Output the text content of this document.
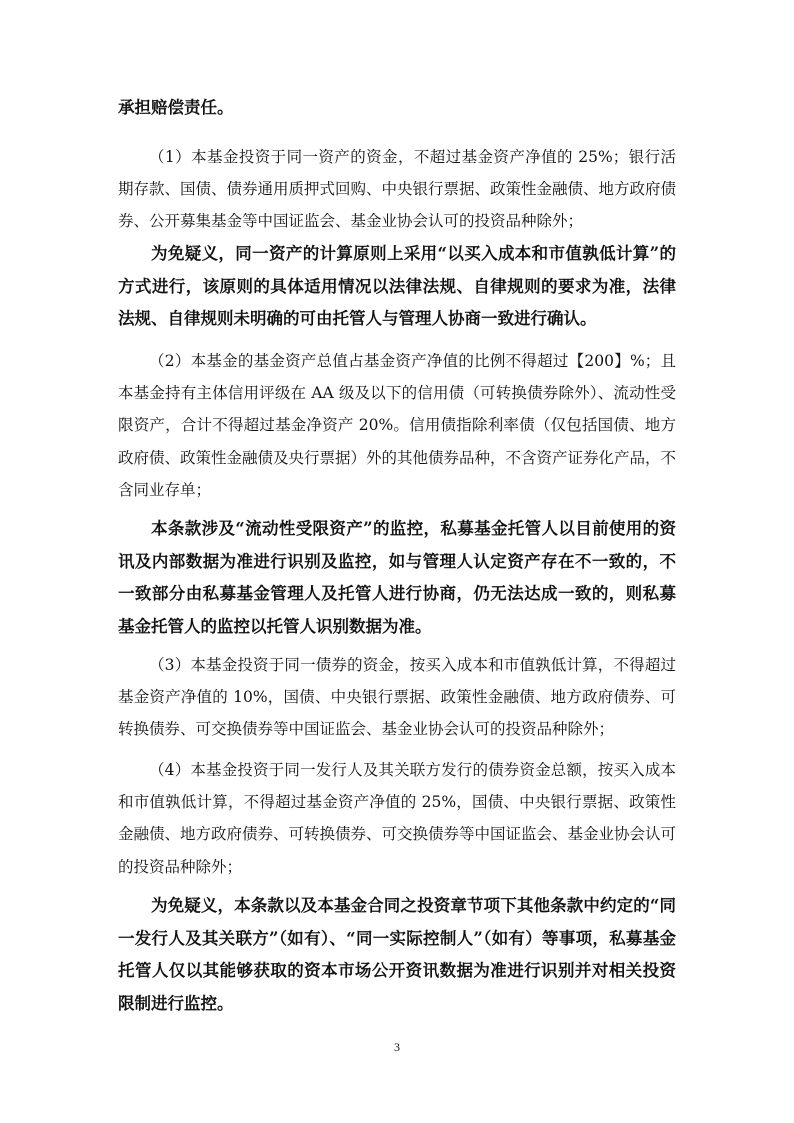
承担赔偿责任。

（1）本基金投资于同一资产的资金，不超过基金资产净值的 25%；银行活期存款、国债、债券通用质押式回购、中央银行票据、政策性金融债、地方政府债券、公开募集基金等中国证监会、基金业协会认可的投资品种除外；

为免疑义，同一资产的计算原则上采用“以买入成本和市值孰低计算”的方式进行，该原则的具体适用情况以法律法规、自律规则的要求为准，法律法规、自律规则未明确的可由托管人与管理人协商一致进行确认。

（2）本基金的基金资产总值占基金资产净值的比例不得超过【200】%；且本基金持有主体信用评级在 AA 级及以下的信用债（可转换债券除外）、流动性受限资产，合计不得超过基金净资产 20%。信用债指除利率债（仅包括国债、地方政府债、政策性金融债及央行票据）外的其他债券品种，不含资产证券化产品，不含同业存单；

本条款涉及“流动性受限资产”的监控，私募基金托管人以目前使用的资讯及内部数据为准进行识别及监控，如与管理人认定资产存在不一致的，不一致部分由私募基金管理人及托管人进行协商，仍无法达成一致的，则私募基金托管人的监控以托管人识别数据为准。

（3）本基金投资于同一债券的资金，按买入成本和市值孰低计算，不得超过基金资产净值的 10%，国债、中央银行票据、政策性金融债、地方政府债券、可转换债券、可交换债券等中国证监会、基金业协会认可的投资品种除外；

（4）本基金投资于同一发行人及其关联方发行的债券资金总额，按买入成本和市值孰低计算，不得超过基金资产净值的 25%，国债、中央银行票据、政策性金融债、地方政府债券、可转换债券、可交换债券等中国证监会、基金业协会认可的投资品种除外；

为免疑义，本条款以及本基金合同之投资章节项下其他条款中约定的“同一发行人及其关联方”（如有）、“同一实际控制人”（如有）等事项，私募基金托管人仅以其能够获取的资本市场公开资讯数据为准进行识别并对相关投资限制进行监控。

3
